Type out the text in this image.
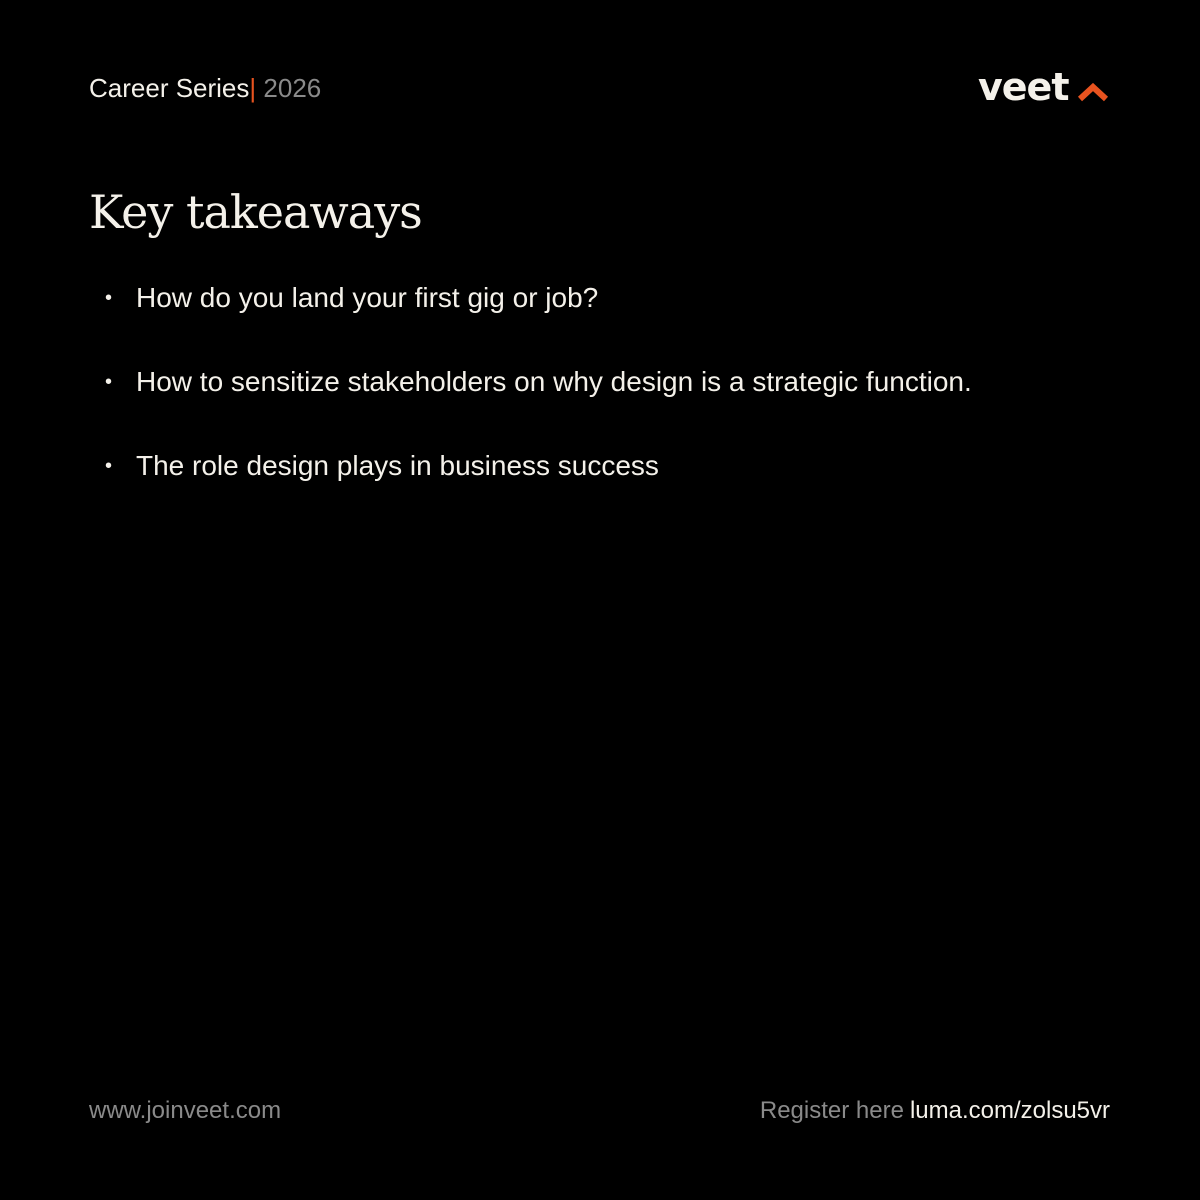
Career Series| 2026	veet
Key takeaways
• How do you land your first gig or job?
• How to sensitize stakeholders on why design is a strategic function.
• The role design plays in business success
www.joinveet.com	Register here luma.com/zolsu5vr
